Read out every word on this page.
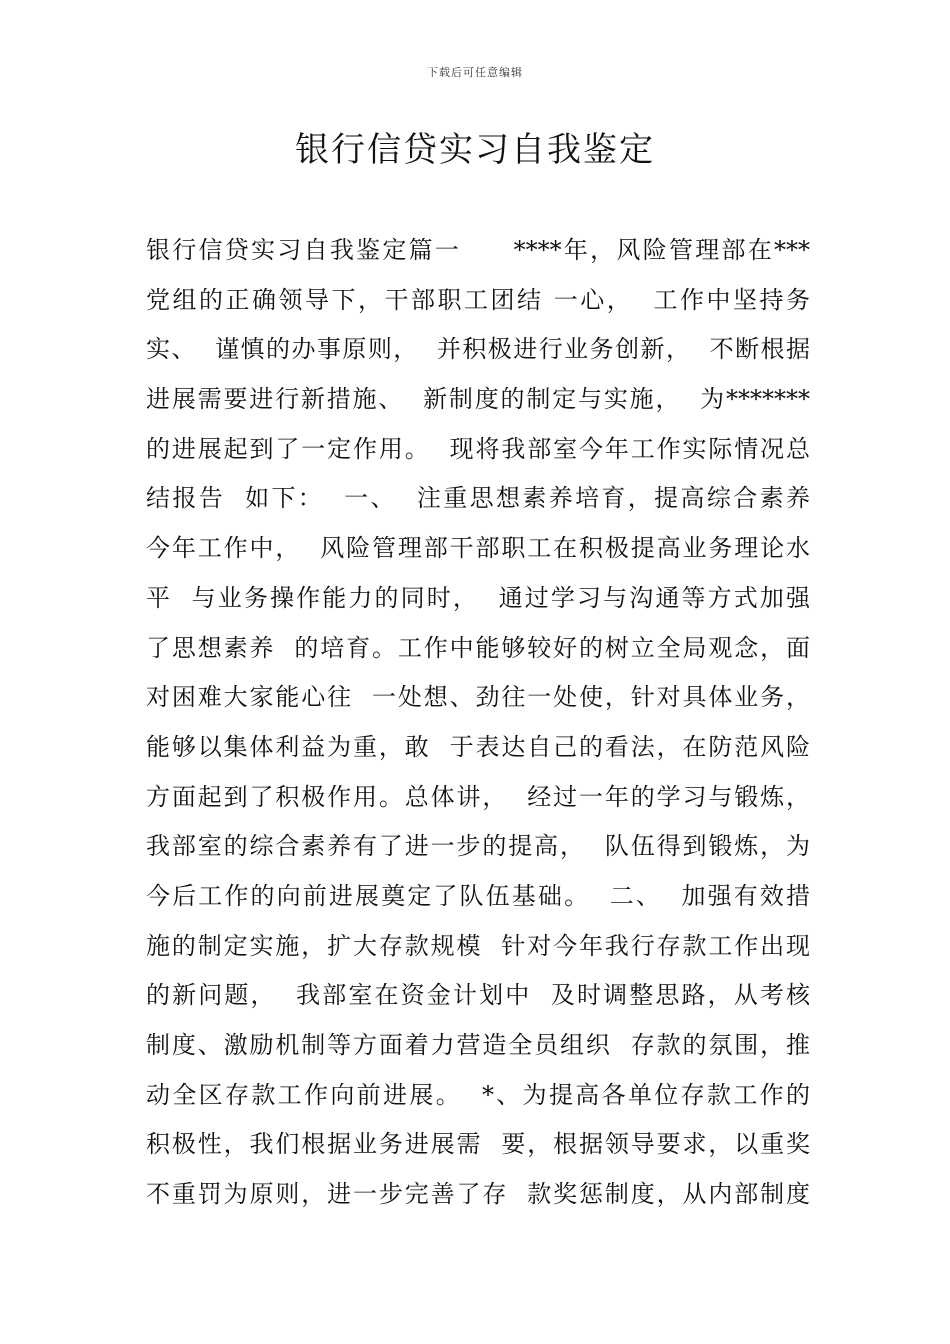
下载后可任意编辑
银行信贷实习自我鉴定
银行信贷实习自我鉴定篇一　　****年，风险管理部在***
党组的正确领导下，干部职工团结 一心，  工作中坚持务
实、  谨慎的办事原则，  并积极进行业务创新，  不断根据
进展需要进行新措施、  新制度的制定与实施，  为*******
的进展起到了一定作用。  现将我部室今年工作实际情况总
结报告  如下：  一、  注重思想素养培育，提高综合素养
今年工作中，  风险管理部干部职工在积极提高业务理论水
平  与业务操作能力的同时，  通过学习与沟通等方式加强
了思想素养  的培育。工作中能够较好的树立全局观念，面
对困难大家能心往  一处想、劲往一处使，针对具体业务，
能够以集体利益为重，敢  于表达自己的看法，在防范风险
方面起到了积极作用。总体讲，  经过一年的学习与锻炼，
我部室的综合素养有了进一步的提高，  队伍得到锻炼，为
今后工作的向前进展奠定了队伍基础。  二、  加强有效措
施的制定实施，扩大存款规模  针对今年我行存款工作出现
的新问题，  我部室在资金计划中  及时调整思路，从考核
制度、激励机制等方面着力营造全员组织  存款的氛围，推
动全区存款工作向前进展。  *、为提高各单位存款工作的
积极性，我们根据业务进展需  要，根据领导要求，以重奖
不重罚为原则，进一步完善了存  款奖惩制度，从内部制度
